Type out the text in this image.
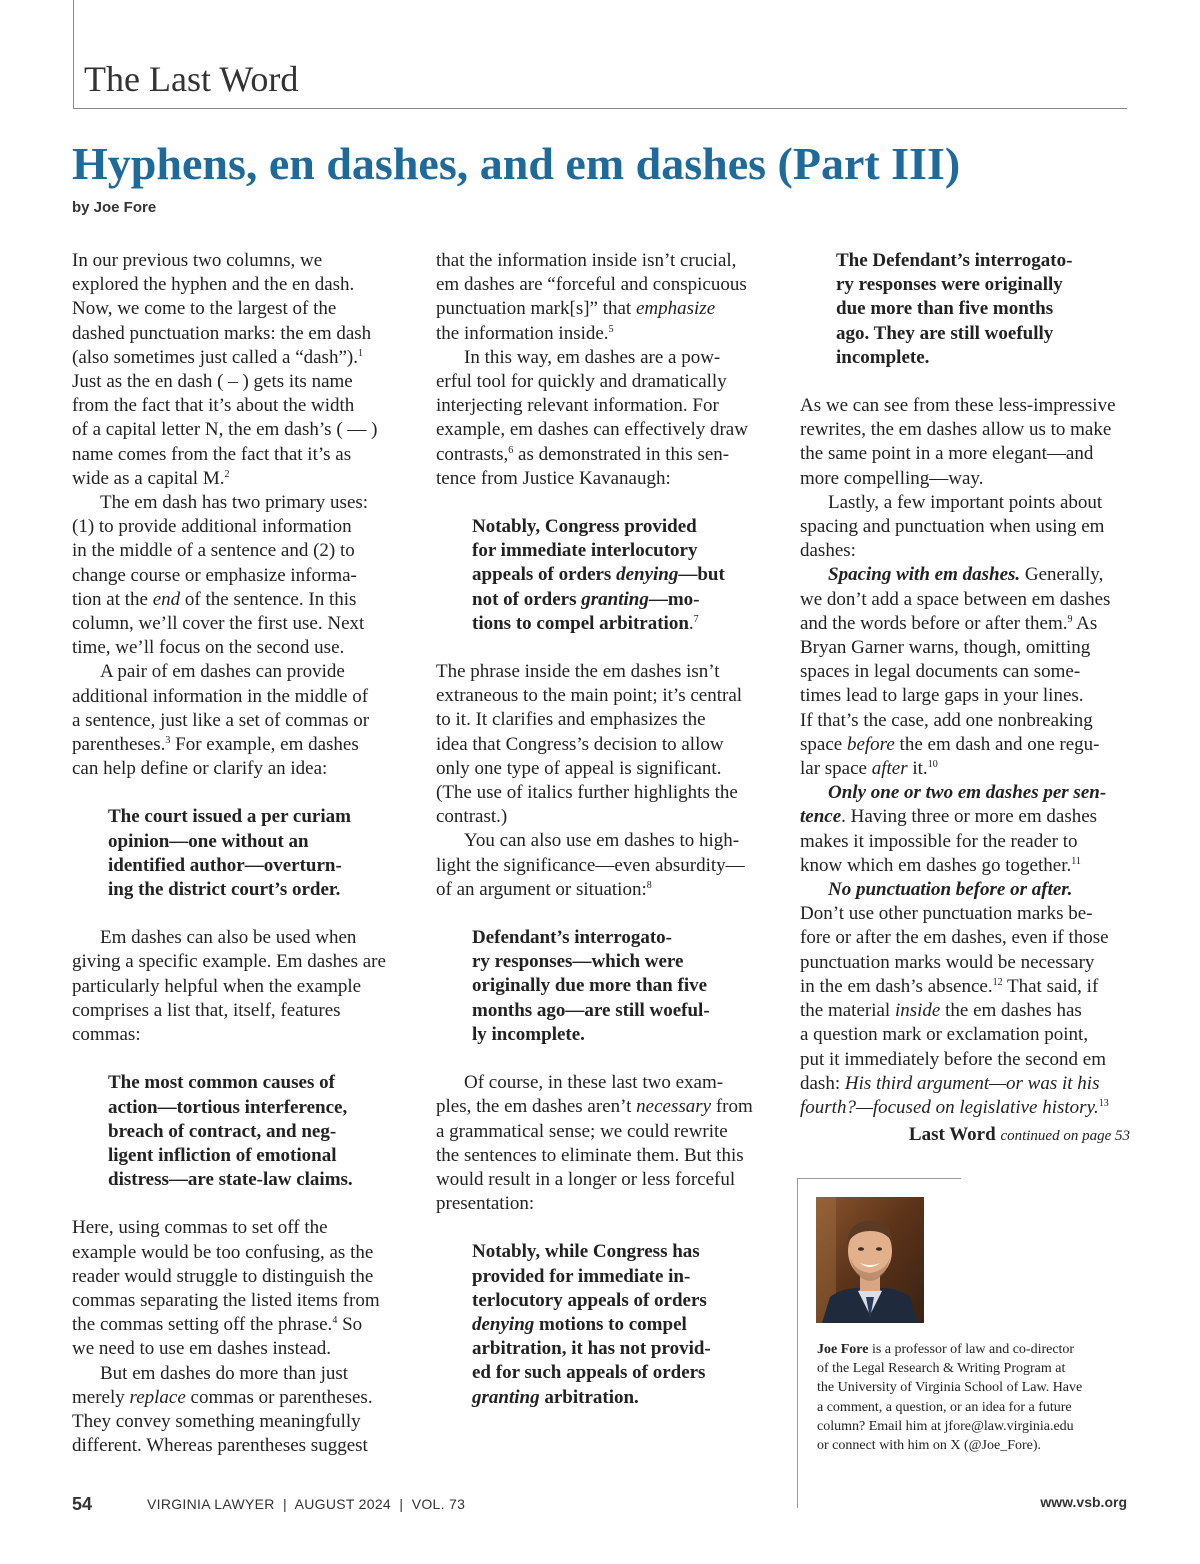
The Last Word
Hyphens, en dashes, and em dashes (Part III)
by Joe Fore

In our previous two columns, we

explored the hyphen and the en dash.

Now, we come to the largest of the

dashed punctuation marks: the em dash

(also sometimes just called a “dash”).$^1$

Just as the en dash ( – ) gets its name

from the fact that it’s about the width

of a capital letter N, the em dash’s ( — )

name comes from the fact that it’s as

wide as a capital M.$^2$

The em dash has two primary uses:

(1) to provide additional information

in the middle of a sentence and (2) to

change course or emphasize informa-

tion at the end of the sentence. In this

column, we’ll cover the first use. Next

time, we’ll focus on the second use.

A pair of em dashes can provide

additional information in the middle of

a sentence, just like a set of commas or

parentheses.$^3$ For example, em dashes

can help define or clarify an idea:

The court issued a per curiam

opinion—one without an

identified author—overturn-

ing the district court’s order.

Em dashes can also be used when

giving a specific example. Em dashes are

particularly helpful when the example

comprises a list that, itself, features

commas:

The most common causes of

action—tortious interference,

breach of contract, and neg-

ligent infliction of emotional

distress—are state-law claims.

Here, using commas to set off the

example would be too confusing, as the

reader would struggle to distinguish the

commas separating the listed items from

the commas setting off the phrase.$^4$ So

we need to use em dashes instead.

But em dashes do more than just

merely replace commas or parentheses.

They convey something meaningfully

different. Whereas parentheses suggest

that the information inside isn’t crucial,

em dashes are “forceful and conspicuous

punctuation mark[s]” that emphasize

the information inside.$^5$

In this way, em dashes are a pow-

erful tool for quickly and dramatically

interjecting relevant information. For

example, em dashes can effectively draw

contrasts,$^6$ as demonstrated in this sen-

tence from Justice Kavanaugh:

Notably, Congress provided

for immediate interlocutory

appeals of orders denying—but

not of orders granting—mo-

tions to compel arbitration.$^7$

The phrase inside the em dashes isn’t

extraneous to the main point; it’s central

to it. It clarifies and emphasizes the

idea that Congress’s decision to allow

only one type of appeal is significant.

(The use of italics further highlights the

contrast.)

You can also use em dashes to high-

light the significance—even absurdity—

of an argument or situation:$^8$

Defendant’s interrogato-

ry responses—which were

originally due more than five

months ago—are still woeful-

ly incomplete.

Of course, in these last two exam-

ples, the em dashes aren’t necessary from

a grammatical sense; we could rewrite

the sentences to eliminate them. But this

would result in a longer or less forceful

presentation:

Notably, while Congress has

provided for immediate in-

terlocutory appeals of orders

denying motions to compel

arbitration, it has not provid-

ed for such appeals of orders

granting arbitration.

The Defendant’s interrogato-

ry responses were originally

due more than five months

ago. They are still woefully

incomplete.

As we can see from these less-impressive

rewrites, the em dashes allow us to make

the same point in a more elegant—and

more compelling—way.

Lastly, a few important points about

spacing and punctuation when using em

dashes:

Spacing with em dashes. Generally,

we don’t add a space between em dashes

and the words before or after them.$^9$ As

Bryan Garner warns, though, omitting

spaces in legal documents can some-

times lead to large gaps in your lines.

If that’s the case, add one nonbreaking

space before the em dash and one regu-

lar space after it.$^{10}$

Only one or two em dashes per sen-

tence. Having three or more em dashes

makes it impossible for the reader to

know which em dashes go together.$^{11}$

No punctuation before or after.

Don’t use other punctuation marks be-

fore or after the em dashes, even if those

punctuation marks would be necessary

in the em dash’s absence.$^{12}$ That said, if

the material inside the em dashes has

a question mark or exclamation point,

put it immediately before the second em

dash: His third argument—or was it his

fourth?—focused on legislative history.$^{13}$

Last Word continued on page 53

Joe Fore is a professor of law and co-director

of the Legal Research & Writing Program at

the University of Virginia School of Law. Have

a comment, a question, or an idea for a future

column? Email him at jfore@law.virginia.edu

or connect with him on X (@Joe_Fore).

54	VIRGINIA LAWYER  |  AUGUST 2024  |  VOL. 73	www.vsb.org
